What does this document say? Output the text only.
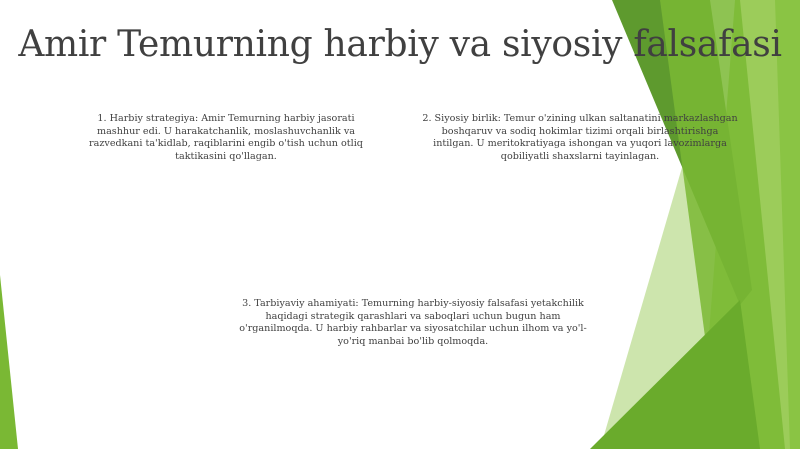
Amir Temurning harbiy va siyosiy falsafasi
1. Harbiy strategiya: Amir Temurning harbiy jasorati mashhur edi. U harakatchanlik, moslashuvchanlik va razvedkani ta'kidlab, raqiblarini engib o'tish uchun otliq taktikasini qo'llagan.
2. Siyosiy birlik: Temur o'zining ulkan saltanatini markazlashgan boshqaruv va sodiq hokimlar tizimi orqali birlashtirishga intilgan. U meritokratiyaga ishongan va yuqori lavozimlarga qobiliyatli shaxslarni tayinlagan.
3. Tarbiyaviy ahamiyati: Temurning harbiy-siyosiy falsafasi yetakchilik haqidagi strategik qarashlari va saboqlari uchun bugun ham o'rganilmoqda. U harbiy rahbarlar va siyosatchilar uchun ilhom va yo'l-yo'riq manbai bo'lib qolmoqda.
